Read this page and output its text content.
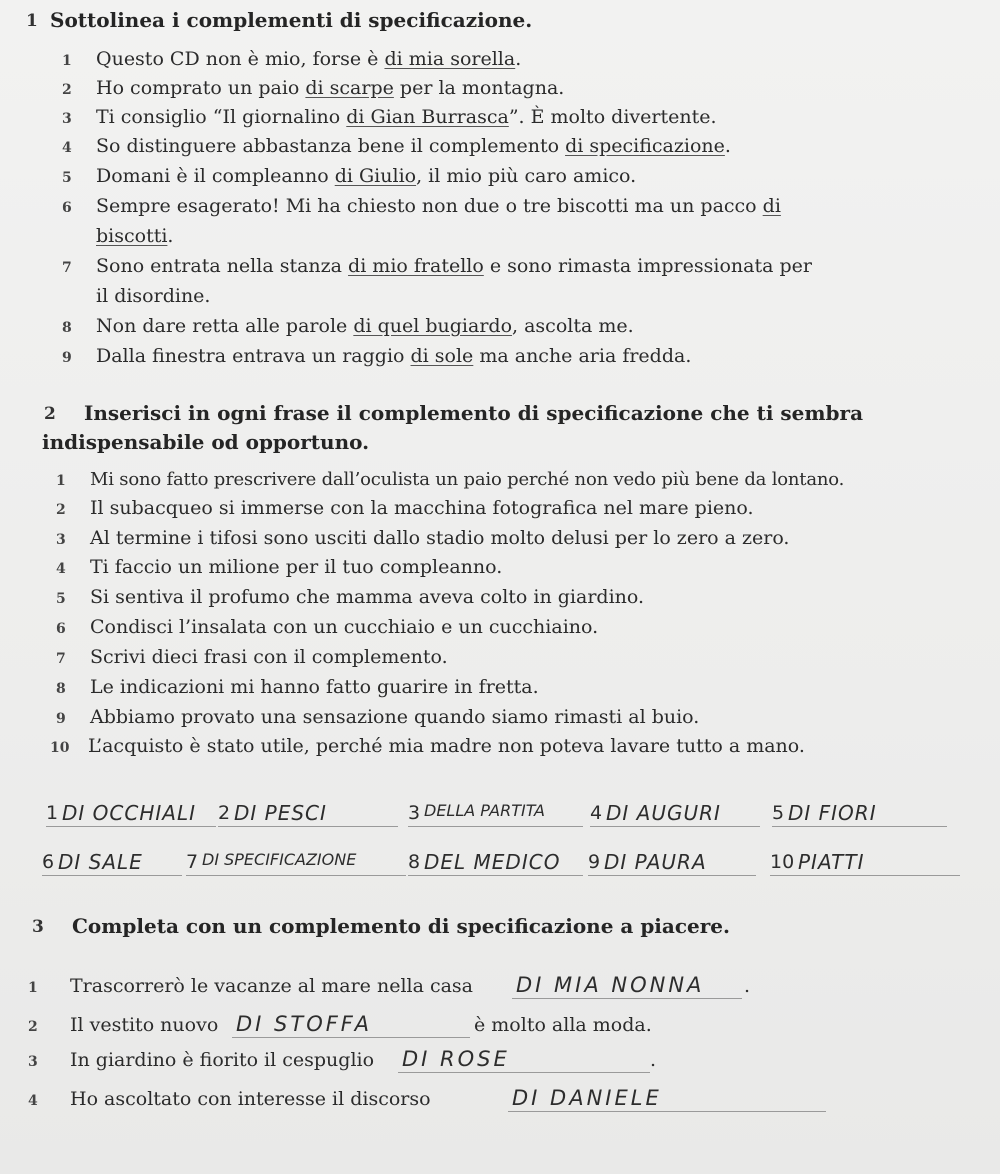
1 Sottolinea i complementi di specificazione.
1 Questo CD non è mio, forse è di mia sorella.
2 Ho comprato un paio di scarpe per la montagna.
3 Ti consiglio “Il giornalino di Gian Burrasca”. È molto divertente.
4 So distinguere abbastanza bene il complemento di specificazione.
5 Domani è il compleanno di Giulio, il mio più caro amico.
6 Sempre esagerato! Mi ha chiesto non due o tre biscotti ma un pacco di
biscotti.
7 Sono entrata nella stanza di mio fratello e sono rimasta impressionata per
il disordine.
8 Non dare retta alle parole di quel bugiardo, ascolta me.
9 Dalla finestra entrava un raggio di sole ma anche aria fredda.
2 Inserisci in ogni frase il complemento di specificazione che ti sembra
indispensabile od opportuno.
1 Mi sono fatto prescrivere dall’oculista un paio perché non vedo più bene da lontano.
2 Il subacqueo si immerse con la macchina fotografica nel mare pieno.
3 Al termine i tifosi sono usciti dallo stadio molto delusi per lo zero a zero.
4 Ti faccio un milione per il tuo compleanno.
5 Si sentiva il profumo che mamma aveva colto in giardino.
6 Condisci l’insalata con un cucchiaio e un cucchiaino.
7 Scrivi dieci frasi con il complemento.
8 Le indicazioni mi hanno fatto guarire in fretta.
9 Abbiamo provato una sensazione quando siamo rimasti al buio.
10 L’acquisto è stato utile, perché mia madre non poteva lavare tutto a mano.
1 DI OCCHIALI 2 DI PESCI	3 DELLA PARTITA 4 DI AUGURI	5 DI FIORI
6 DI SALE 7 DI SPECIFICAZIONE	8 DEL MEDICO 9 DI PAURA	10 PIATTI
3 Completa con un complemento di specificazione a piacere.
1 Trascorrerò le vacanze al mare nella casa DI MIA NONNA .
2 Il vestito nuovo DI STOFFA	è molto alla moda.
3 In giardino è fiorito il cespuglio DI ROSE	.
4 Ho ascoltato con interesse il discorso	DI DANIELE
